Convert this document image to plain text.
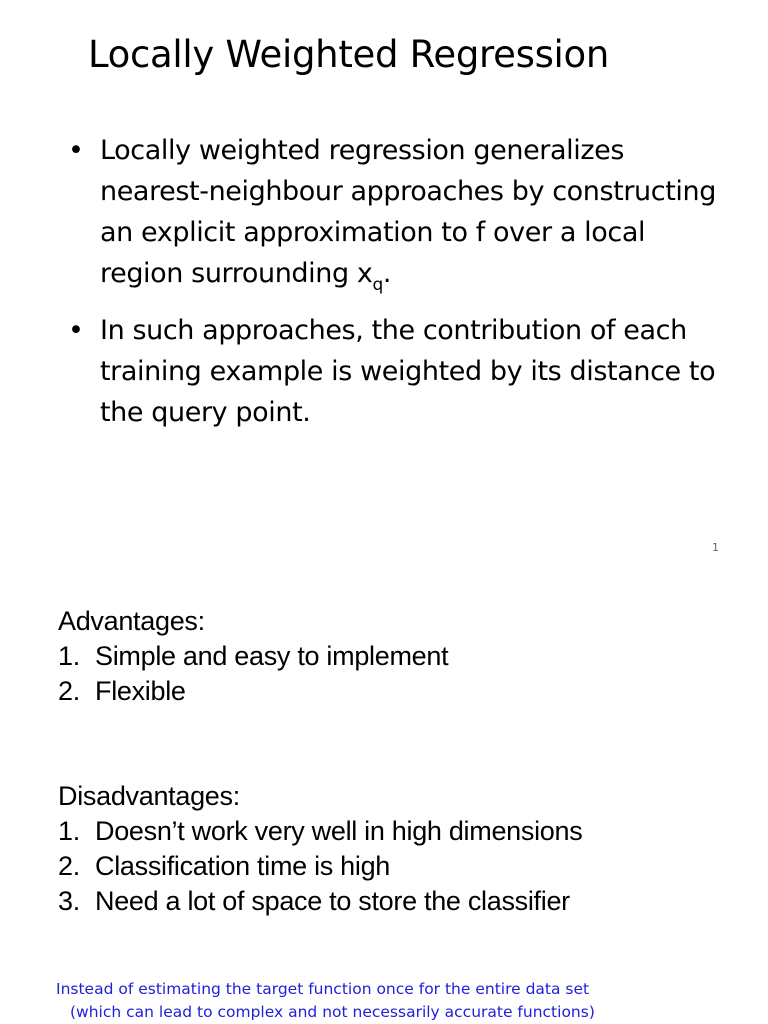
Locally Weighted Regression
• Locally weighted regression generalizes nearest-neighbour approaches by constructing an explicit approximation to f over a local region surrounding $x_q$.
• In such approaches, the contribution of each training example is weighted by its distance to the query point.
1
Advantages:
1. Simple and easy to implement
2. Flexible
Disadvantages:
1. Doesn’t work very well in high dimensions
2. Classification time is high
3. Need a lot of space to store the classifier
Instead of estimating the target function once for the entire data set
(which can lead to complex and not necessarily accurate functions)
